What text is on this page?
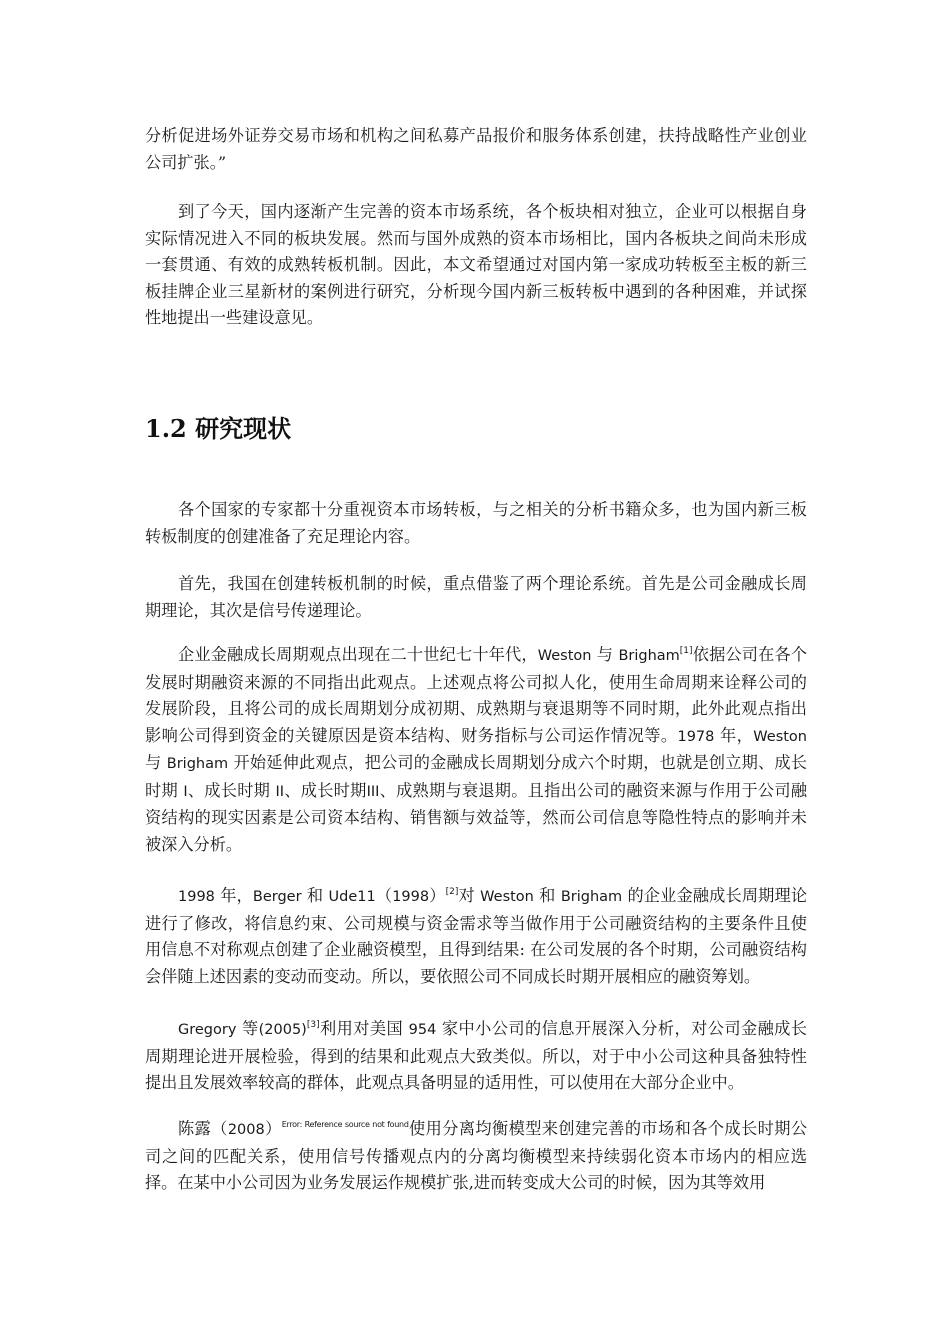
分析促进场外证券交易市场和机构之间私募产品报价和服务体系创建，扶持战略性产业创业公司扩张。”

到了今天，国内逐渐产生完善的资本市场系统，各个板块相对独立，企业可以根据自身实际情况进入不同的板块发展。然而与国外成熟的资本市场相比，国内各板块之间尚未形成一套贯通、有效的成熟转板机制。因此，本文希望通过对国内第一家成功转板至主板的新三板挂牌企业三星新材的案例进行研究，分析现今国内新三板转板中遇到的各种困难，并试探性地提出一些建设意见。

1.2 研究现状

各个国家的专家都十分重视资本市场转板，与之相关的分析书籍众多，也为国内新三板转板制度的创建准备了充足理论内容。

首先，我国在创建转板机制的时候，重点借鉴了两个理论系统。首先是公司金融成长周期理论，其次是信号传递理论。

企业金融成长周期观点出现在二十世纪七十年代，Weston 与 Brigham[1]依据公司在各个发展时期融资来源的不同指出此观点。上述观点将公司拟人化，使用生命周期来诠释公司的发展阶段，且将公司的成长周期划分成初期、成熟期与衰退期等不同时期，此外此观点指出影响公司得到资金的关键原因是资本结构、财务指标与公司运作情况等。1978 年，Weston 与 Brigham 开始延伸此观点，把公司的金融成长周期划分成六个时期，也就是创立期、成长时期 I、成长时期 II、成长时期III、成熟期与衰退期。且指出公司的融资来源与作用于公司融资结构的现实因素是公司资本结构、销售额与效益等，然而公司信息等隐性特点的影响并未被深入分析。

1998 年，Berger 和 Ude11（1998）[2]对 Weston 和 Brigham 的企业金融成长周期理论进行了修改，将信息约束、公司规模与资金需求等当做作用于公司融资结构的主要条件且使用信息不对称观点创建了企业融资模型，且得到结果: 在公司发展的各个时期，公司融资结构会伴随上述因素的变动而变动。所以，要依照公司不同成长时期开展相应的融资筹划。

Gregory 等(2005)[3]利用对美国 954 家中小公司的信息开展深入分析，对公司金融成长周期理论进开展检验，得到的结果和此观点大致类似。所以，对于中小公司这种具备独特性提出且发展效率较高的群体，此观点具备明显的适用性，可以使用在大部分企业中。

陈露$(2008)^{Error: Reference source not found}$使用分离均衡模型来创建完善的市场和各个成长时期公司之间的匹配关系，使用信号传播观点内的分离均衡模型来持续弱化资本市场内的相应选择。在某中小公司因为业务发展运作规模扩张,进而转变成大公司的时候，因为其等效用
